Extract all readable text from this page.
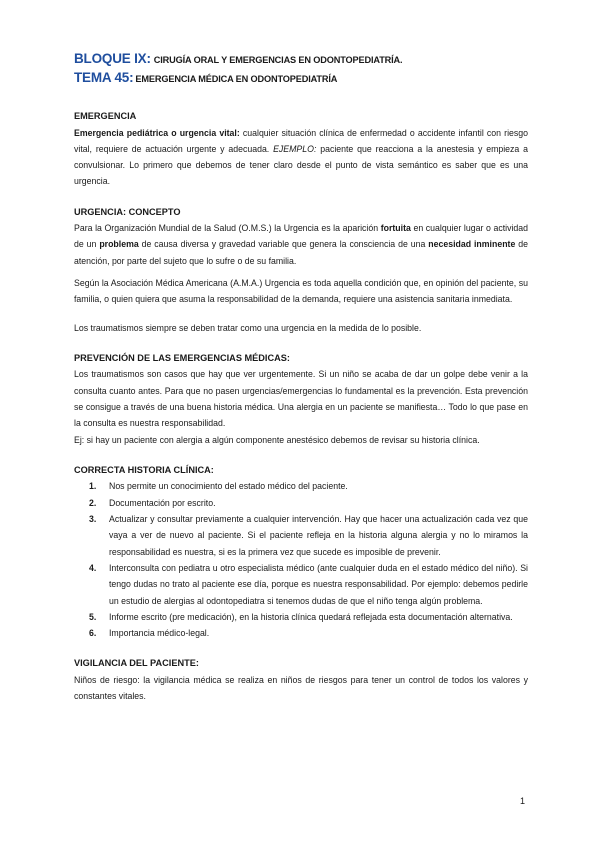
BLOQUE IX: CIRUGÍA ORAL Y EMERGENCIAS EN ODONTOPEDIATRÍA.
TEMA 45: EMERGENCIA MÉDICA EN ODONTOPEDIATRÍA
EMERGENCIA

Emergencia pediátrica o urgencia vital: cualquier situación clínica de enfermedad o accidente infantil con riesgo vital, requiere de actuación urgente y adecuada. EJEMPLO: paciente que reacciona a la anestesia y empieza a convulsionar. Lo primero que debemos de tener claro desde el punto de vista semántico es saber que es una urgencia.

URGENCIA: CONCEPTO

Para la Organización Mundial de la Salud (O.M.S.) la Urgencia es la aparición fortuita en cualquier lugar o actividad de un problema de causa diversa y gravedad variable que genera la consciencia de una necesidad inminente de atención, por parte del sujeto que lo sufre o de su familia.

Según la Asociación Médica Americana (A.M.A.) Urgencia es toda aquella condición que, en opinión del paciente, su familia, o quien quiera que asuma la responsabilidad de la demanda, requiere una asistencia sanitaria inmediata.

Los traumatismos siempre se deben tratar como una urgencia en la medida de lo posible.

PREVENCIÓN DE LAS EMERGENCIAS MÉDICAS:

Los traumatismos son casos que hay que ver urgentemente. Si un niño se acaba de dar un golpe debe venir a la consulta cuanto antes. Para que no pasen urgencias/emergencias lo fundamental es la prevención. Esta prevención se consigue a través de una buena historia médica. Una alergia en un paciente se manifiesta… Todo lo que pase en la consulta es nuestra responsabilidad.

Ej: si hay un paciente con alergia a algún componente anestésico debemos de revisar su historia clínica.

CORRECTA HISTORIA CLÍNICA:
1. Nos permite un conocimiento del estado médico del paciente.
2. Documentación por escrito.
3. Actualizar y consultar previamente a cualquier intervención. Hay que hacer una actualización cada vez que vaya a ver de nuevo al paciente. Si el paciente refleja en la historia alguna alergia y no lo miramos la responsabilidad es nuestra, si es la primera vez que sucede es imposible de prevenir.
4. Interconsulta con pediatra u otro especialista médico (ante cualquier duda en el estado médico del niño). Si tengo dudas no trato al paciente ese día, porque es nuestra responsabilidad. Por ejemplo: debemos pedirle un estudio de alergias al odontopediatra si tenemos dudas de que el niño tenga algún problema.
5. Informe escrito (pre medicación), en la historia clínica quedará reflejada esta documentación alternativa.
6. Importancia médico-legal.
VIGILANCIA DEL PACIENTE:

Niños de riesgo: la vigilancia médica se realiza en niños de riesgos para tener un control de todos los valores y constantes vitales.

1
